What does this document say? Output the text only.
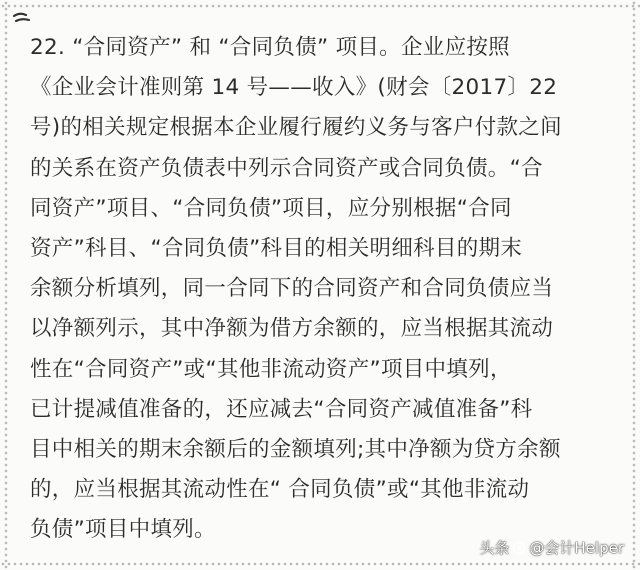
22. “合同资产” 和 “合同负债” 项目。企业应按照
《企业会计准则第 14 号——收入》(财会〔2017〕22
号)的相关规定根据本企业履行履约义务与客户付款之间
的关系在资产负债表中列示合同资产或合同负债。“合
同资产”项目、“合同负债”项目，应分别根据“合同
资产”科目、“合同负债”科目的相关明细科目的期末
余额分析填列，同一合同下的合同资产和合同负债应当
以净额列示，其中净额为借方余额的，应当根据其流动
性在“合同资产”或“其他非流动资产”项目中填列，
已计提减值准备的，还应减去“合同资产减值准备”科
目中相关的期末余额后的金额填列;其中净额为贷方余额
的，应当根据其流动性在“ 合同负债”或“其他非流动
负债”项目中填列。
头条 @会计Helper
